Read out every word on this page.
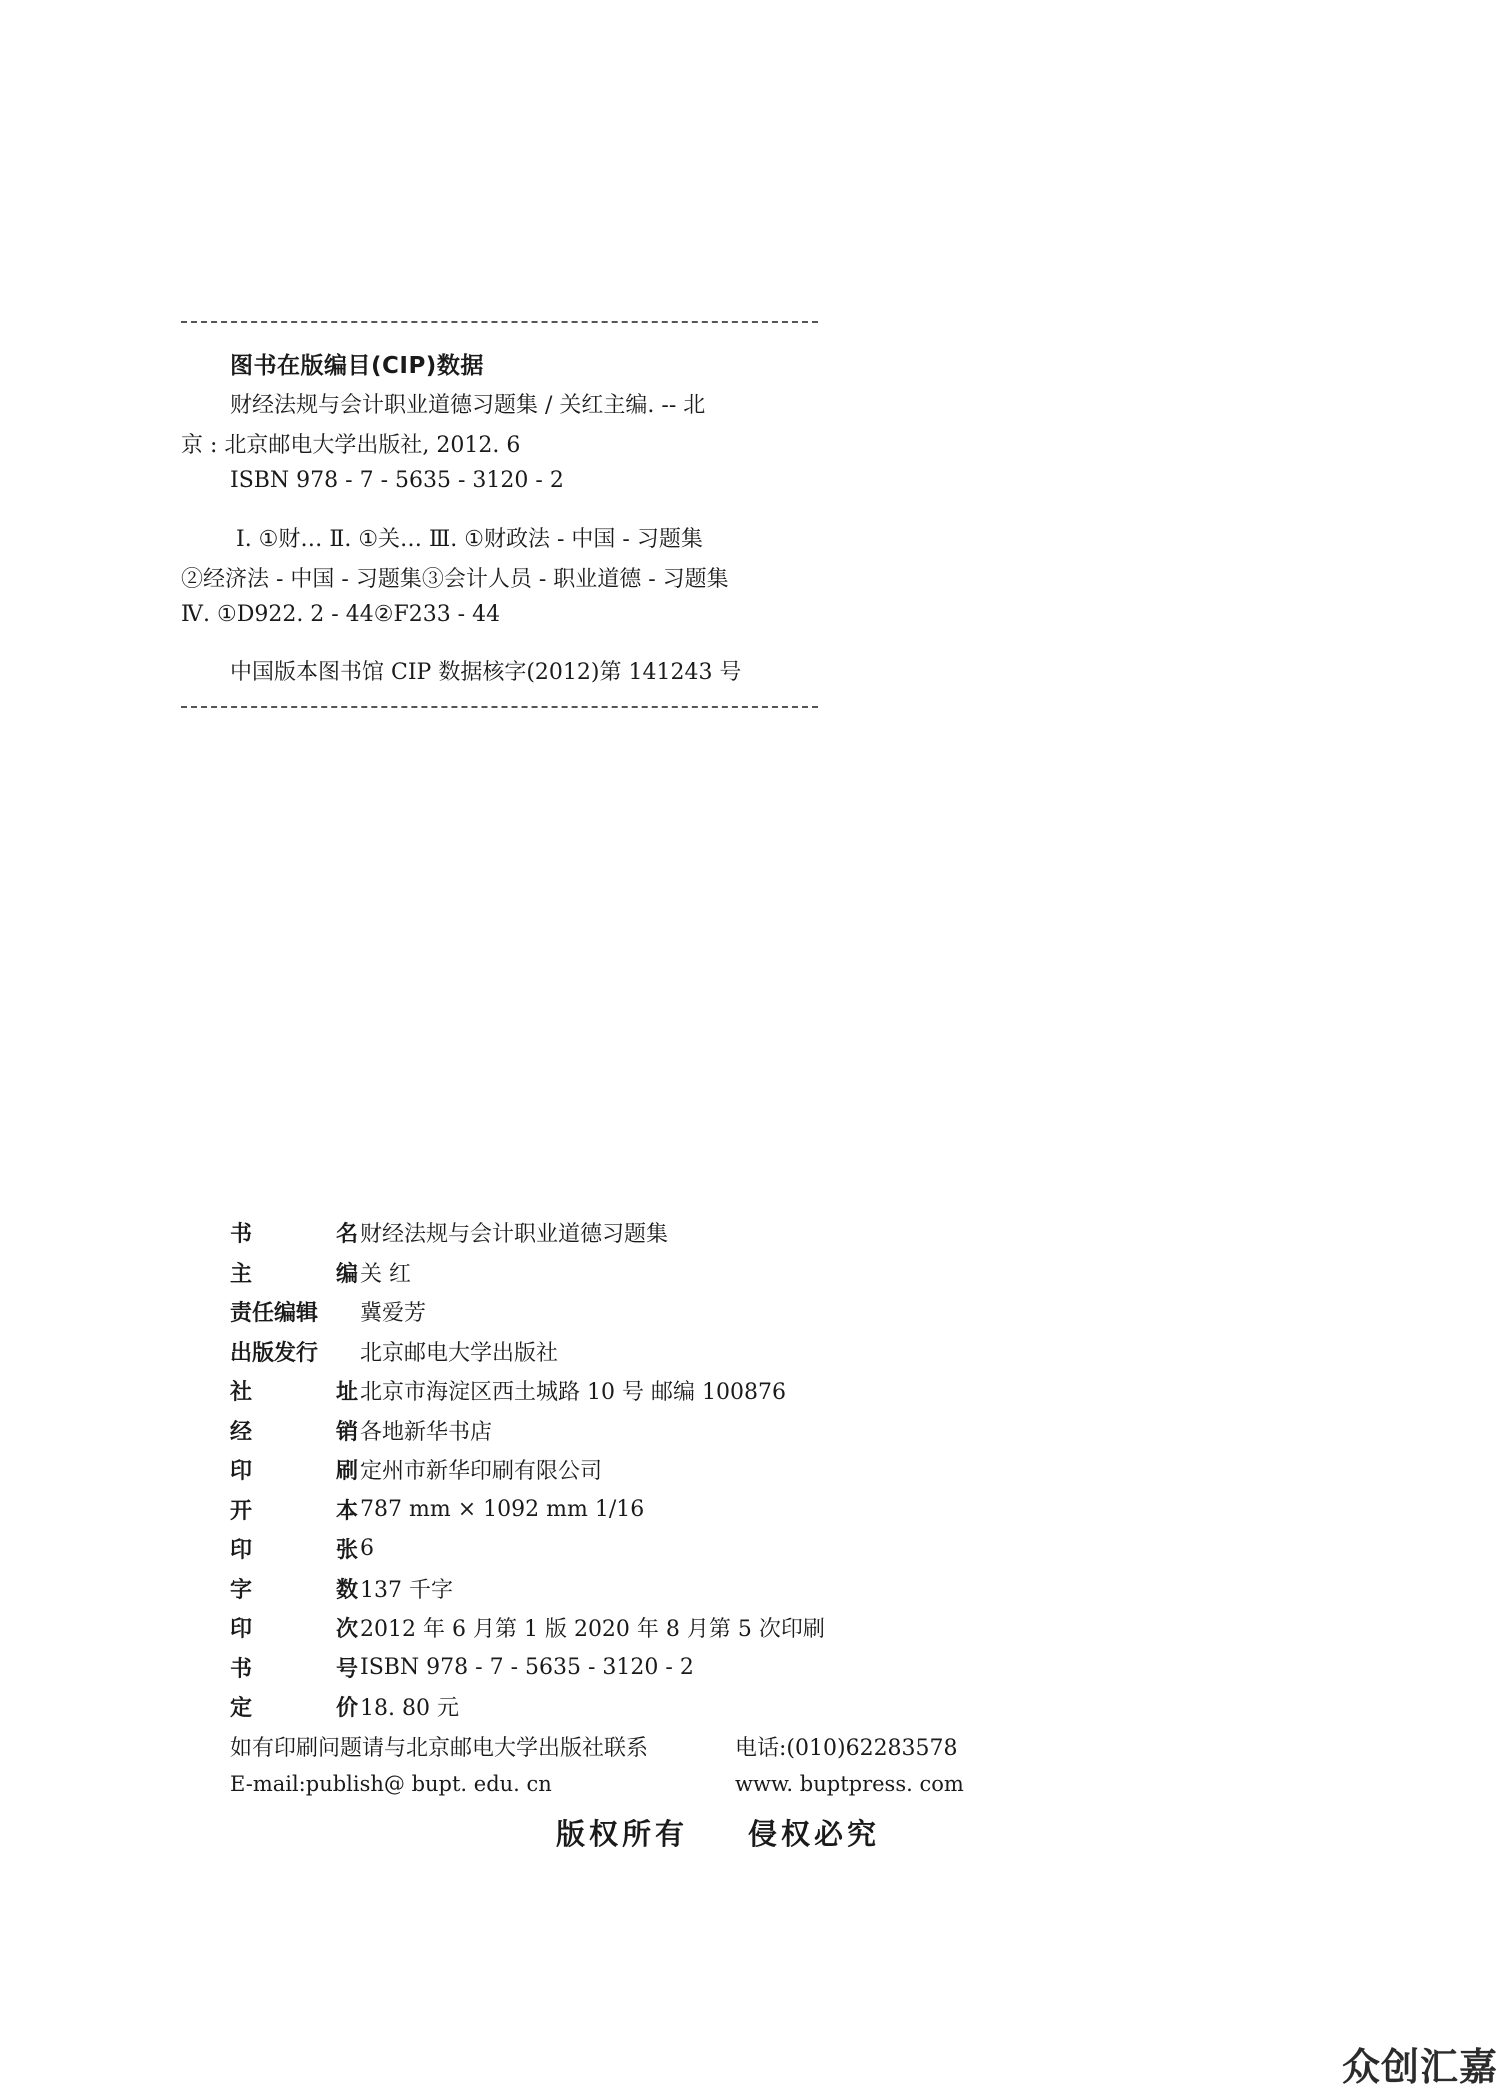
图书在版编目(CIP)数据
财经法规与会计职业道德习题集 / 关红主编. -- 北
京 : 北京邮电大学出版社, 2012. 6
ISBN 978 - 7 - 5635 - 3120 - 2
Ⅰ. ①财… Ⅱ. ①关… Ⅲ. ①财政法 - 中国 - 习题集
②经济法 - 中国 - 习题集③会计人员 - 职业道德 - 习题集
Ⅳ. ①D922. 2 - 44②F233 - 44
中国版本图书馆 CIP 数据核字(2012)第 141243 号
书	名 财经法规与会计职业道德习题集
主	编 关 红
责任编辑	冀爱芳
出版发行	北京邮电大学出版社
社	址 北京市海淀区西土城路 10 号 邮编 100876
经	销 各地新华书店
印	刷 定州市新华印刷有限公司
开	本 787 mm × 1092 mm 1/16
印	张 6
字	数 137 千字
印	次 2012 年 6 月第 1 版 2020 年 8 月第 5 次印刷
书	号 ISBN 978 - 7 - 5635 - 3120 - 2
定	价 18. 80 元
如有印刷问题请与北京邮电大学出版社联系	电话:(010)62283578
E-mail:publish@ bupt. edu. cn	www. buptpress. com
版权所有 侵权必究
众创汇嘉
